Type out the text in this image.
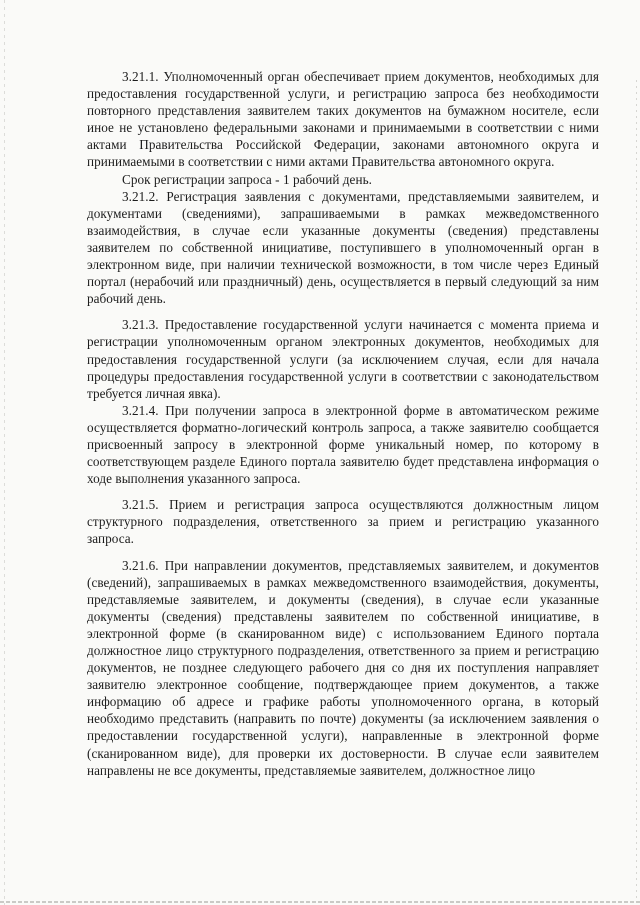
3.21.1. Уполномоченный орган обеспечивает прием документов, необходимых для предоставления государственной услуги, и регистрацию запроса без необходимости повторного представления заявителем таких документов на бумажном носителе, если иное не установлено федеральными законами и принимаемыми в соответствии с ними актами Правительства Российской Федерации, законами автономного округа и принимаемыми в соответствии с ними актами Правительства автономного округа.

Срок регистрации запроса - 1 рабочий день.

3.21.2. Регистрация заявления с документами, представляемыми заявителем, и документами (сведениями), запрашиваемыми в рамках межведомственного взаимодействия, в случае если указанные документы (сведения) представлены заявителем по собственной инициативе, поступившего в уполномоченный орган в электронном виде, при наличии технической возможности, в том числе через Единый портал (нерабочий или праздничный) день, осуществляется в первый следующий за ним рабочий день.

3.21.3. Предоставление государственной услуги начинается с момента приема и регистрации уполномоченным органом электронных документов, необходимых для предоставления государственной услуги (за исключением случая, если для начала процедуры предоставления государственной услуги в соответствии с законодательством требуется личная явка).

3.21.4. При получении запроса в электронной форме в автоматическом режиме осуществляется форматно-логический контроль запроса, а также заявителю сообщается присвоенный запросу в электронной форме уникальный номер, по которому в соответствующем разделе Единого портала заявителю будет представлена информация о ходе выполнения указанного запроса.

3.21.5. Прием и регистрация запроса осуществляются должностным лицом структурного подразделения, ответственного за прием и регистрацию указанного запроса.

3.21.6. При направлении документов, представляемых заявителем, и документов (сведений), запрашиваемых в рамках межведомственного взаимодействия, документы, представляемые заявителем, и документы (сведения), в случае если указанные документы (сведения) представлены заявителем по собственной инициативе, в электронной форме (в сканированном виде) с использованием Единого портала должностное лицо структурного подразделения, ответственного за прием и регистрацию документов, не позднее следующего рабочего дня со дня их поступления направляет заявителю электронное сообщение, подтверждающее прием документов, а также информацию об адресе и графике работы уполномоченного органа, в который необходимо представить (направить по почте) документы (за исключением заявления о предоставлении государственной услуги), направленные в электронной форме (сканированном виде), для проверки их достоверности. В случае если заявителем направлены не все документы, представляемые заявителем, должностное лицо
